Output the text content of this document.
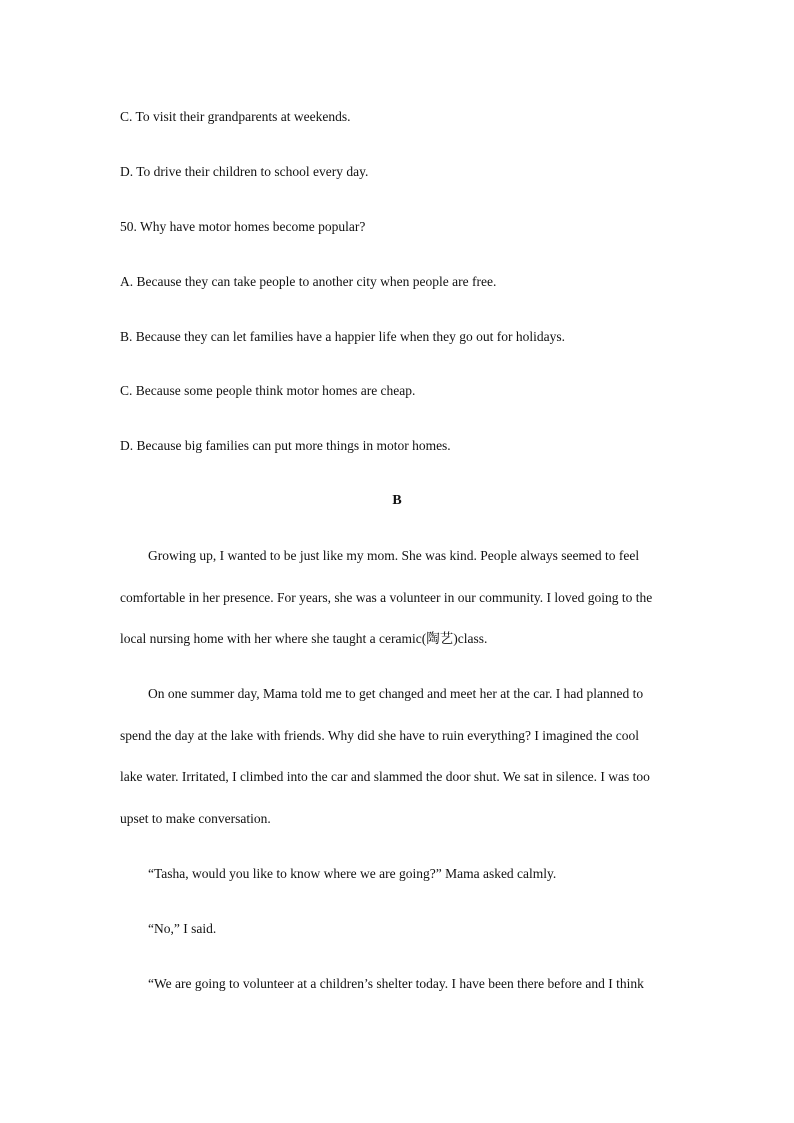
C. To visit their grandparents at weekends.
D. To drive their children to school every day.
50. Why have motor homes become popular?
A. Because they can take people to another city when people are free.
B. Because they can let families have a happier life when they go out for holidays.
C. Because some people think motor homes are cheap.
D. Because big families can put more things in motor homes.
B
Growing up, I wanted to be just like my mom. She was kind. People always seemed to feel
comfortable in her presence. For years, she was a volunteer in our community. I loved going to the
local nursing home with her where she taught a ceramic(陶艺)class.
On one summer day, Mama told me to get changed and meet her at the car. I had planned to
spend the day at the lake with friends. Why did she have to ruin everything? I imagined the cool
lake water. Irritated, I climbed into the car and slammed the door shut. We sat in silence. I was too
upset to make conversation.
“Tasha, would you like to know where we are going?” Mama asked calmly.
“No,” I said.
“We are going to volunteer at a children’s shelter today. I have been there before and I think
